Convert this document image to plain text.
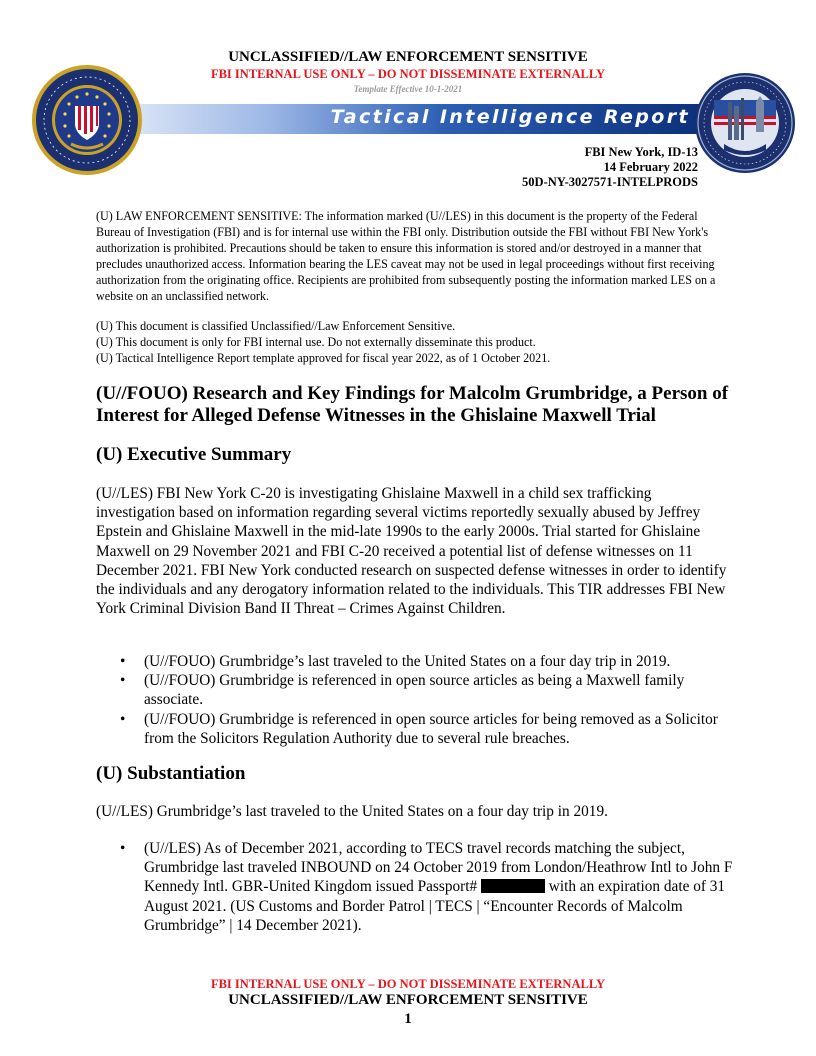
UNCLASSIFIED//LAW ENFORCEMENT SENSITIVE
FBI INTERNAL USE ONLY – DO NOT DISSEMINATE EXTERNALLY
Template Effective 10-1-2021
Tactical Intelligence Report
FBI New York, ID-13
14 February 2022
50D-NY-3027571-INTELPRODS
(U) LAW ENFORCEMENT SENSITIVE: The information marked (U//LES) in this document is the property of the Federal Bureau of Investigation (FBI) and is for internal use within the FBI only. Distribution outside the FBI without FBI New York's authorization is prohibited. Precautions should be taken to ensure this information is stored and/or destroyed in a manner that precludes unauthorized access. Information bearing the LES caveat may not be used in legal proceedings without first receiving authorization from the originating office. Recipients are prohibited from subsequently posting the information marked LES on a website on an unclassified network.
(U) This document is classified Unclassified//Law Enforcement Sensitive.
(U) This document is only for FBI internal use. Do not externally disseminate this product.
(U) Tactical Intelligence Report template approved for fiscal year 2022, as of 1 October 2021.
(U//FOUO) Research and Key Findings for Malcolm Grumbridge, a Person of Interest for Alleged Defense Witnesses in the Ghislaine Maxwell Trial
(U) Executive Summary
(U//LES) FBI New York C-20 is investigating Ghislaine Maxwell in a child sex trafficking investigation based on information regarding several victims reportedly sexually abused by Jeffrey Epstein and Ghislaine Maxwell in the mid-late 1990s to the early 2000s. Trial started for Ghislaine Maxwell on 29 November 2021 and FBI C-20 received a potential list of defense witnesses on 11 December 2021. FBI New York conducted research on suspected defense witnesses in order to identify the individuals and any derogatory information related to the individuals. This TIR addresses FBI New York Criminal Division Band II Threat – Crimes Against Children.
• (U//FOUO) Grumbridge’s last traveled to the United States on a four day trip in 2019.
• (U//FOUO) Grumbridge is referenced in open source articles as being a Maxwell family associate.
• (U//FOUO) Grumbridge is referenced in open source articles for being removed as a Solicitor from the Solicitors Regulation Authority due to several rule breaches.
(U) Substantiation
(U//LES) Grumbridge’s last traveled to the United States on a four day trip in 2019.
• (U//LES) As of December 2021, according to TECS travel records matching the subject, Grumbridge last traveled INBOUND on 24 October 2019 from London/Heathrow Intl to John F Kennedy Intl. GBR-United Kingdom issued Passport#	with an expiration date of 31 August 2021. (US Customs and Border Patrol | TECS | “Encounter Records of Malcolm Grumbridge” | 14 December 2021).
FBI INTERNAL USE ONLY – DO NOT DISSEMINATE EXTERNALLY
UNCLASSIFIED//LAW ENFORCEMENT SENSITIVE
1
